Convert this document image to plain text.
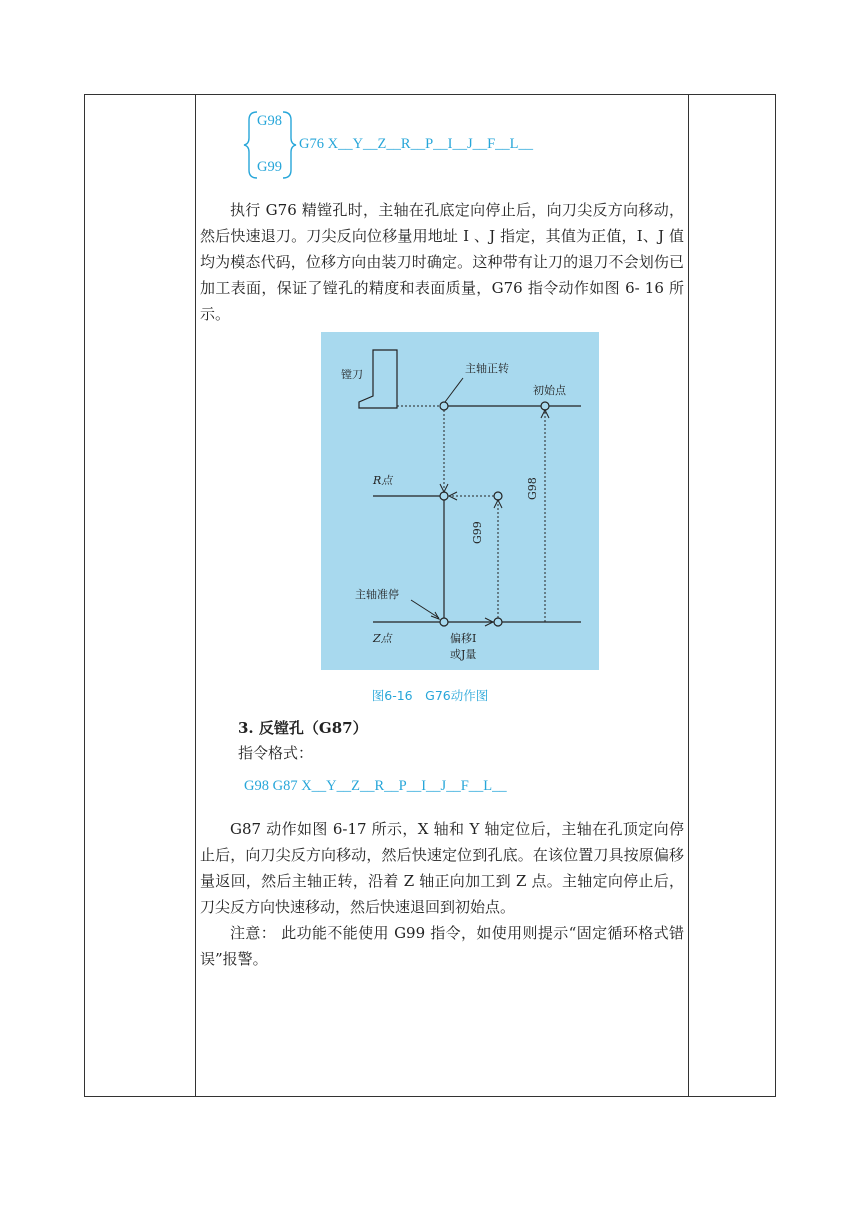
G98
G99
G76 X__Y__Z__R__P__I__J__F__L__

执行 G76 精镗孔时，主轴在孔底定向停止后，向刀尖反方向移动，然后快速退刀。刀尖反向位移量用地址 I 、J 指定，其值为正值，I、J 值均为模态代码，位移方向由装刀时确定。这种带有让刀的退刀不会划伤已加工表面，保证了镗孔的精度和表面质量，G76 指令动作如图 6- 16 所示。

镗刀	主轴正转
初始点
R点	G98
G99
主轴准停
Z点	偏移I
或J量
图6-16　G76动作图
3. 反镗孔（G87）
指令格式：
G98 G87 X__Y__Z__R__P__I__J__F__L__

G87 动作如图 6-17 所示，X 轴和 Y 轴定位后，主轴在孔顶定向停止后，向刀尖反方向移动，然后快速定位到孔底。在该位置刀具按原偏移量返回，然后主轴正转，沿着 Z 轴正向加工到 Z 点。主轴定向停止后，刀尖反方向快速移动，然后快速退回到初始点。

注意： 此功能不能使用 G99 指令，如使用则提示“固定循环格式错误”报警。
